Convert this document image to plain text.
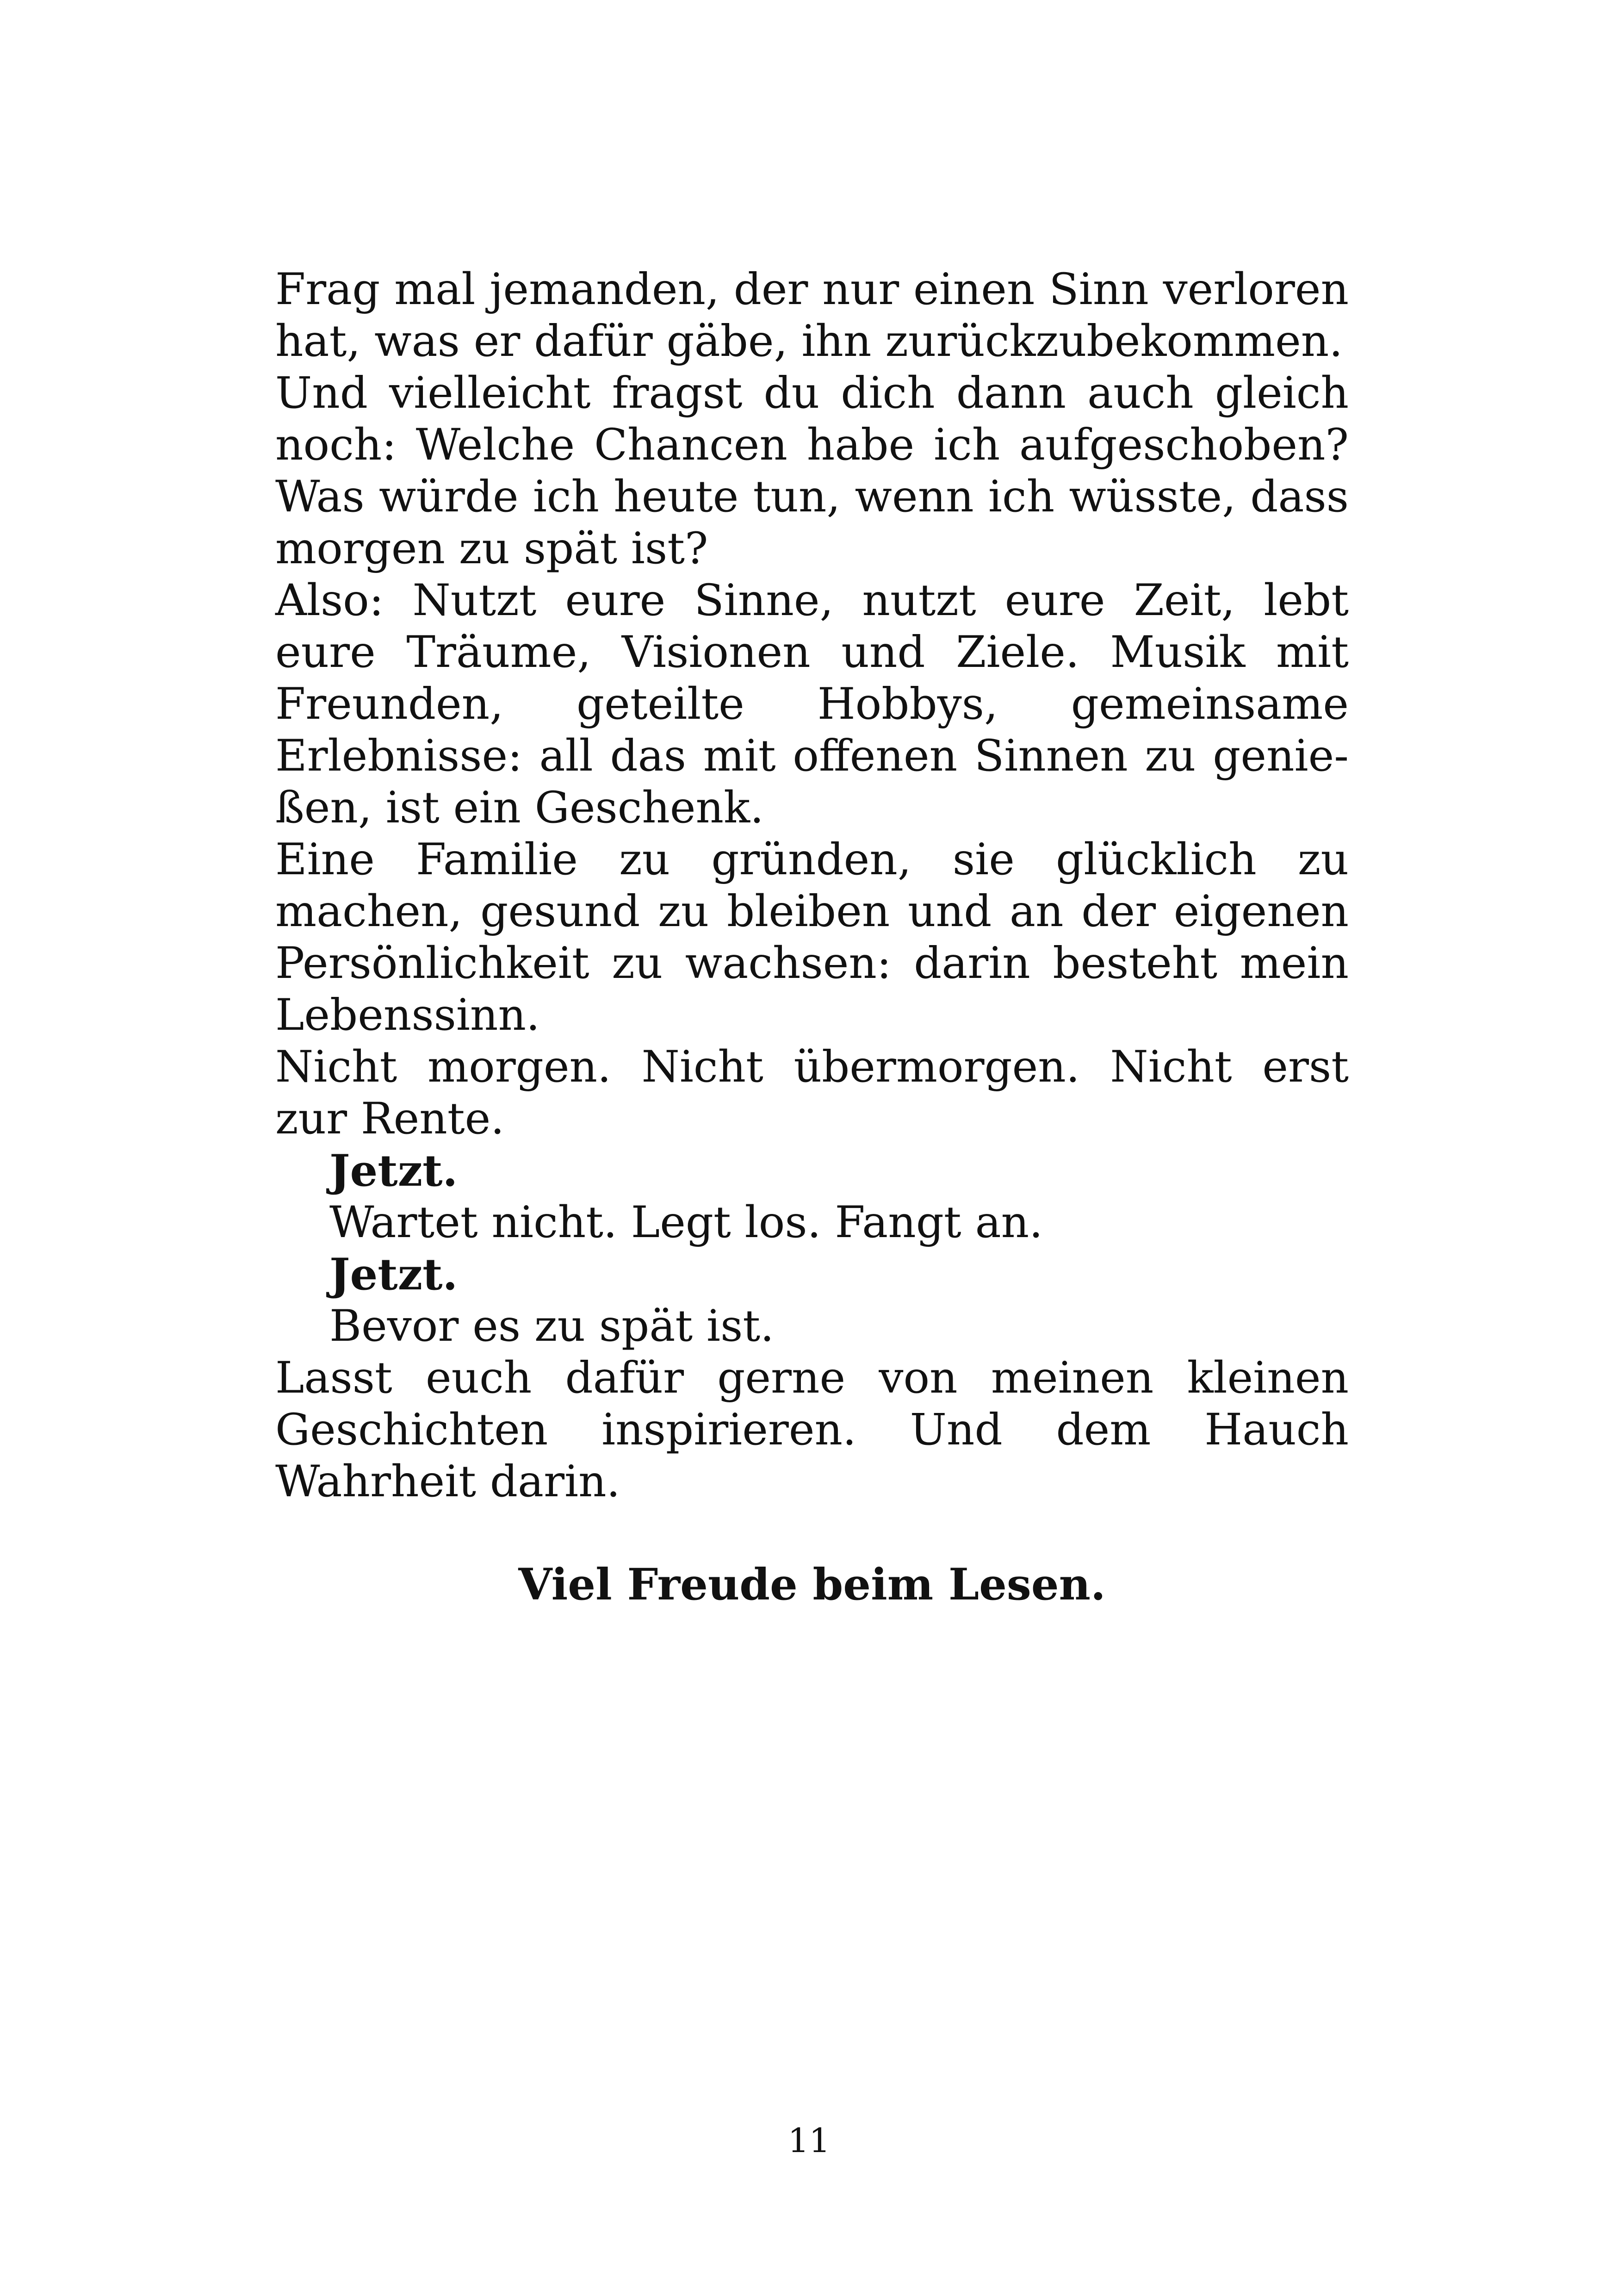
Frag mal jemanden, der nur einen Sinn verloren hat, was er dafür gäbe, ihn zurückzubekommen.

Und vielleicht fragst du dich dann auch gleich noch: Welche Chancen habe ich aufgeschoben? Was würde ich heute tun, wenn ich wüsste, dass morgen zu spät ist?

Also: Nutzt eure Sinne, nutzt eure Zeit, lebt eure Träume, Visionen und Ziele. Musik mit Freunden, geteilte Hobbys, gemeinsame Erlebnisse: all das mit offenen Sinnen zu genießen, ist ein Geschenk.

Eine Familie zu gründen, sie glücklich zu machen, gesund zu bleiben und an der eigenen Persönlichkeit zu wachsen: darin besteht mein Lebenssinn.

Nicht morgen. Nicht übermorgen. Nicht erst zur Rente.

Jetzt.

Wartet nicht. Legt los. Fangt an.

Jetzt.

Bevor es zu spät ist.

Lasst euch dafür gerne von meinen kleinen Geschichten inspirieren. Und dem Hauch Wahrheit darin.

Viel Freude beim Lesen.

11
